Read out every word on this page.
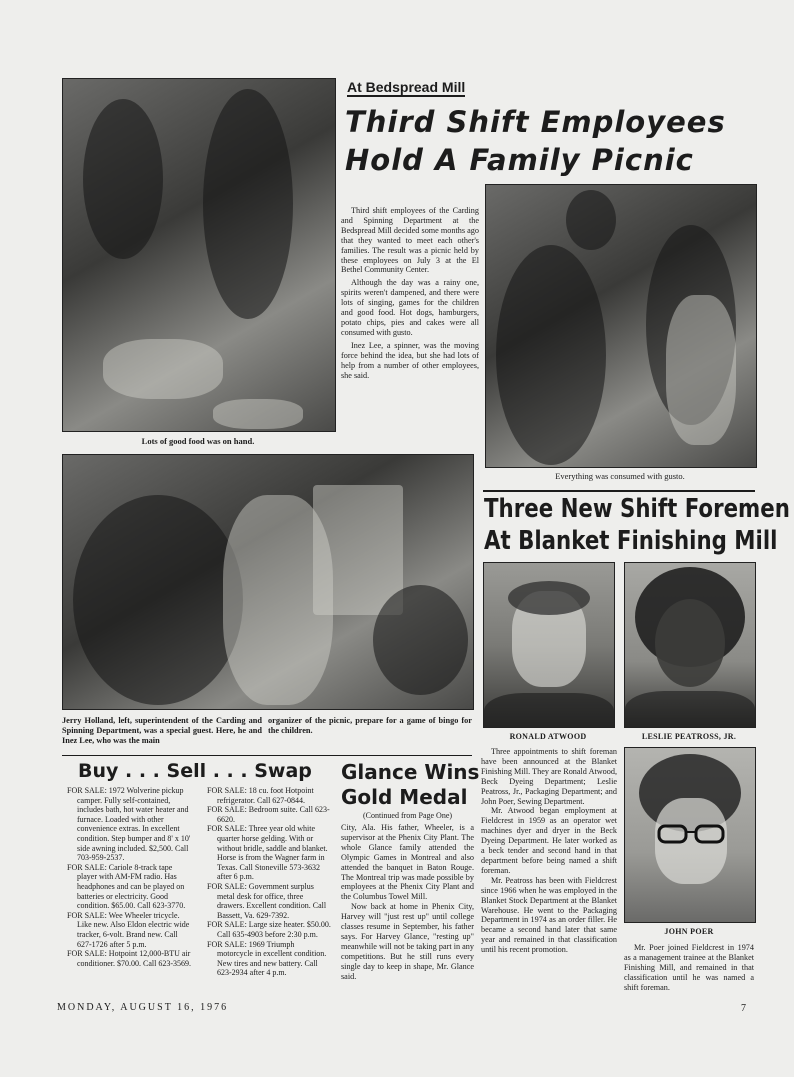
Lots of good food was on hand.
At Bedspread Mill
Third Shift Employees
Hold A Family Picnic

Third shift employees of the Carding and Spinning Department at the Bedspread Mill decided some months ago that they wanted to meet each other's families. The result was a picnic held by these employees on July 3 at the El Bethel Community Center.

Although the day was a rainy one, spirits weren't dampened, and there were lots of singing, games for the children and good food. Hot dogs, hamburgers, potato chips, pies and cakes were all consumed with gusto.

Inez Lee, a spinner, was the moving force behind the idea, but she had lots of help from a number of other employees, she said.

Everything was consumed with gusto.
Jerry Holland, left, superintendent of the Carding and Spinning Department, was a special guest. Here, he and Inez Lee, who was the main
organizer of the picnic, prepare for a game of bingo for the children.
Three New Shift Foremen
At Blanket Finishing Mill
RONALD ATWOOD	LESLIE PEATROSS, JR.
JOHN POER

Three appointments to shift foreman have been announced at the Blanket Finishing Mill. They are Ronald Atwood, Beck Dyeing Department; Leslie Peatross, Jr., Packaging Department; and John Poer, Sewing Department.

Mr. Atwood began employment at Fieldcrest in 1959 as an operator wet machines dyer and dryer in the Beck Dyeing Department. He later worked as a beck tender and second hand in that department before being named a shift foreman.

Mr. Peatross has been with Fieldcrest since 1966 when he was employed in the Blanket Stock Department at the Blanket Warehouse. He went to the Packaging Department in 1974 as an order filler. He became a second hand later that same year and remained in that classification until his recent promotion.	Mr. Poer joined Fieldcrest in 1974 as a management trainee at the Blanket Finishing Mill, and remained in that classification until he was named a shift foreman.
Buy . . . Sell . . . Swap
FOR SALE: 1972 Wolverine pickup camper. Fully self-contained, includes bath, hot water heater and furnace. Loaded with other convenience extras. In excellent condition. Step bumper and 8' x 10' side awning included. $2,500. Call 703-959-2537.
FOR SALE: Cariole 8-track tape player with AM-FM radio. Has headphones and can be played on batteries or electricity. Good condition. $65.00. Call 623-3770.
FOR SALE: Wee Wheeler tricycle. Like new. Also Eldon electric wide tracker, 6-volt. Brand new. Call 627-1726 after 5 p.m.
FOR SALE: Hotpoint 12,000-BTU air conditioner. $70.00. Call 623-3569.
FOR SALE: 18 cu. foot Hotpoint refrigerator. Call 627-0844.
FOR SALE: Bedroom suite. Call 623-6620.
FOR SALE: Three year old white quarter horse gelding. With or without bridle, saddle and blanket. Horse is from the Wagner farm in Texas. Call Stoneville 573-3632 after 6 p.m.
FOR SALE: Government surplus metal desk for office, three drawers. Excellent condition. Call Bassett, Va. 629-7392.
FOR SALE: Large size heater. $50.00. Call 635-4903 before 2:30 p.m.
FOR SALE: 1969 Triumph motorcycle in excellent condition. New tires and new battery. Call 623-2934 after 4 p.m.
Glance Wins
Gold Medal
(Continued from Page One)

City, Ala. His father, Wheeler, is a supervisor at the Phenix City Plant. The whole Glance family attended the Olympic Games in Montreal and also attended the banquet in Baton Rouge. The Montreal trip was made possible by employees at the Phenix City Plant and the Columbus Towel Mill.

Now back at home in Phenix City, Harvey will "just rest up" until college classes resume in September, his father says. For Harvey Glance, "resting up" meanwhile will not be taking part in any competitions. But he still runs every single day to keep in shape, Mr. Glance said.

MONDAY, AUGUST 16, 1976	7
